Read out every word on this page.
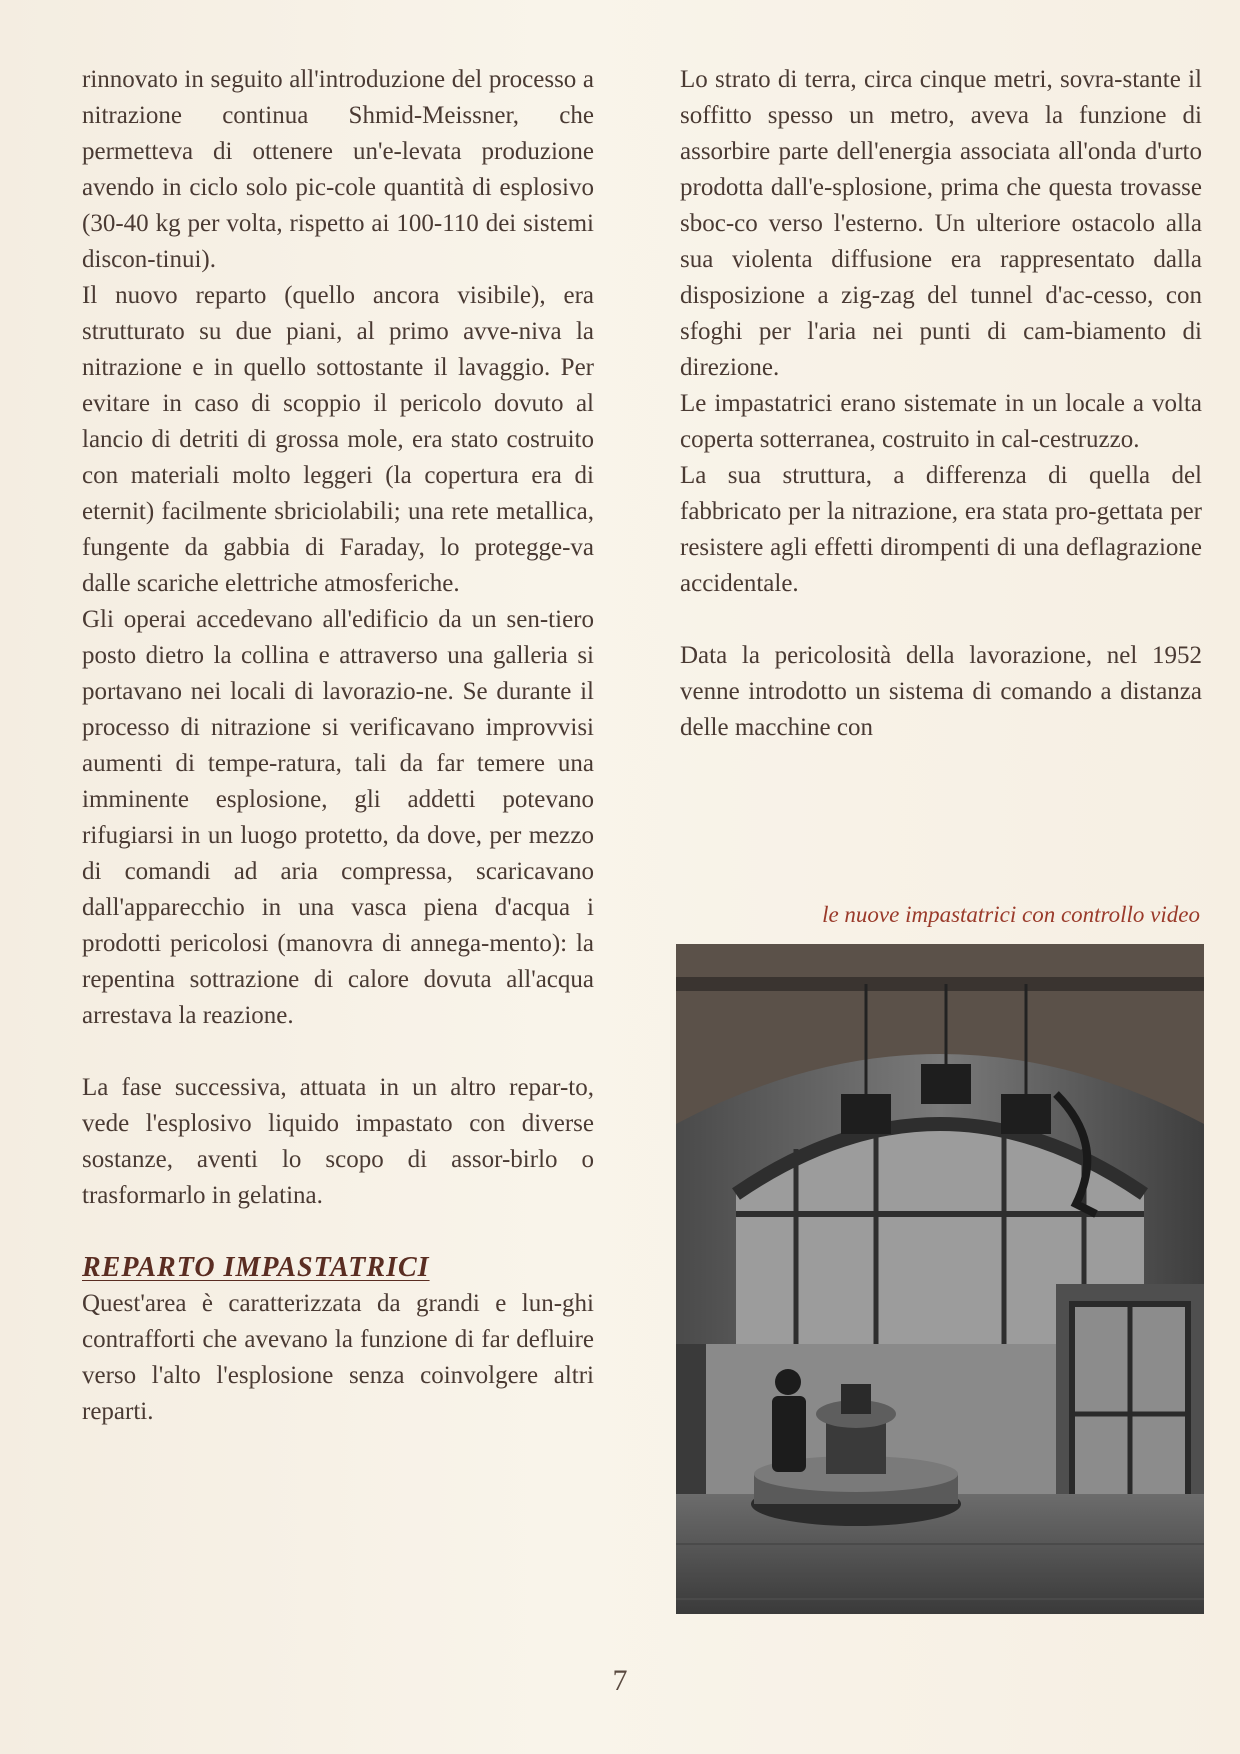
rinnovato in seguito all'introduzione del processo a nitrazione continua Shmid-Meissner, che permetteva di ottenere un'e-levata produzione avendo in ciclo solo pic-cole quantità di esplosivo (30-40 kg per volta, rispetto ai 100-110 dei sistemi discon-tinui).

Il nuovo reparto (quello ancora visibile), era strutturato su due piani, al primo avve-niva la nitrazione e in quello sottostante il lavaggio. Per evitare in caso di scoppio il pericolo dovuto al lancio di detriti di grossa mole, era stato costruito con materiali molto leggeri (la copertura era di eternit) facilmente sbriciolabili; una rete metallica, fungente da gabbia di Faraday, lo protegge-va dalle scariche elettriche atmosferiche.

Gli operai accedevano all'edificio da un sen-tiero posto dietro la collina e attraverso una galleria si portavano nei locali di lavorazio-ne. Se durante il processo di nitrazione si verificavano improvvisi aumenti di tempe-ratura, tali da far temere una imminente esplosione, gli addetti potevano rifugiarsi in un luogo protetto, da dove, per mezzo di comandi ad aria compressa, scaricavano dall'apparecchio in una vasca piena d'acqua i prodotti pericolosi (manovra di annega-mento): la repentina sottrazione di calore dovuta all'acqua arrestava la reazione.

La fase successiva, attuata in un altro repar-to, vede l'esplosivo liquido impastato con diverse sostanze, aventi lo scopo di assor-birlo o trasformarlo in gelatina.

REPARTO IMPASTATRICI

Quest'area è caratterizzata da grandi e lun-ghi contrafforti che avevano la funzione di far defluire verso l'alto l'esplosione senza coinvolgere altri reparti.

Lo strato di terra, circa cinque metri, sovra-stante il soffitto spesso un metro, aveva la funzione di assorbire parte dell'energia associata all'onda d'urto prodotta dall'e-splosione, prima che questa trovasse sboc-co verso l'esterno. Un ulteriore ostacolo alla sua violenta diffusione era rappresentato dalla disposizione a zig-zag del tunnel d'ac-cesso, con sfoghi per l'aria nei punti di cam-biamento di direzione.

Le impastatrici erano sistemate in un locale a volta coperta sotterranea, costruito in cal-cestruzzo.

La sua struttura, a differenza di quella del fabbricato per la nitrazione, era stata pro-gettata per resistere agli effetti dirompenti di una deflagrazione accidentale.

Data la pericolosità della lavorazione, nel 1952 venne introdotto un sistema di comando a distanza delle macchine con

le nuove impastatrici con controllo video
7
